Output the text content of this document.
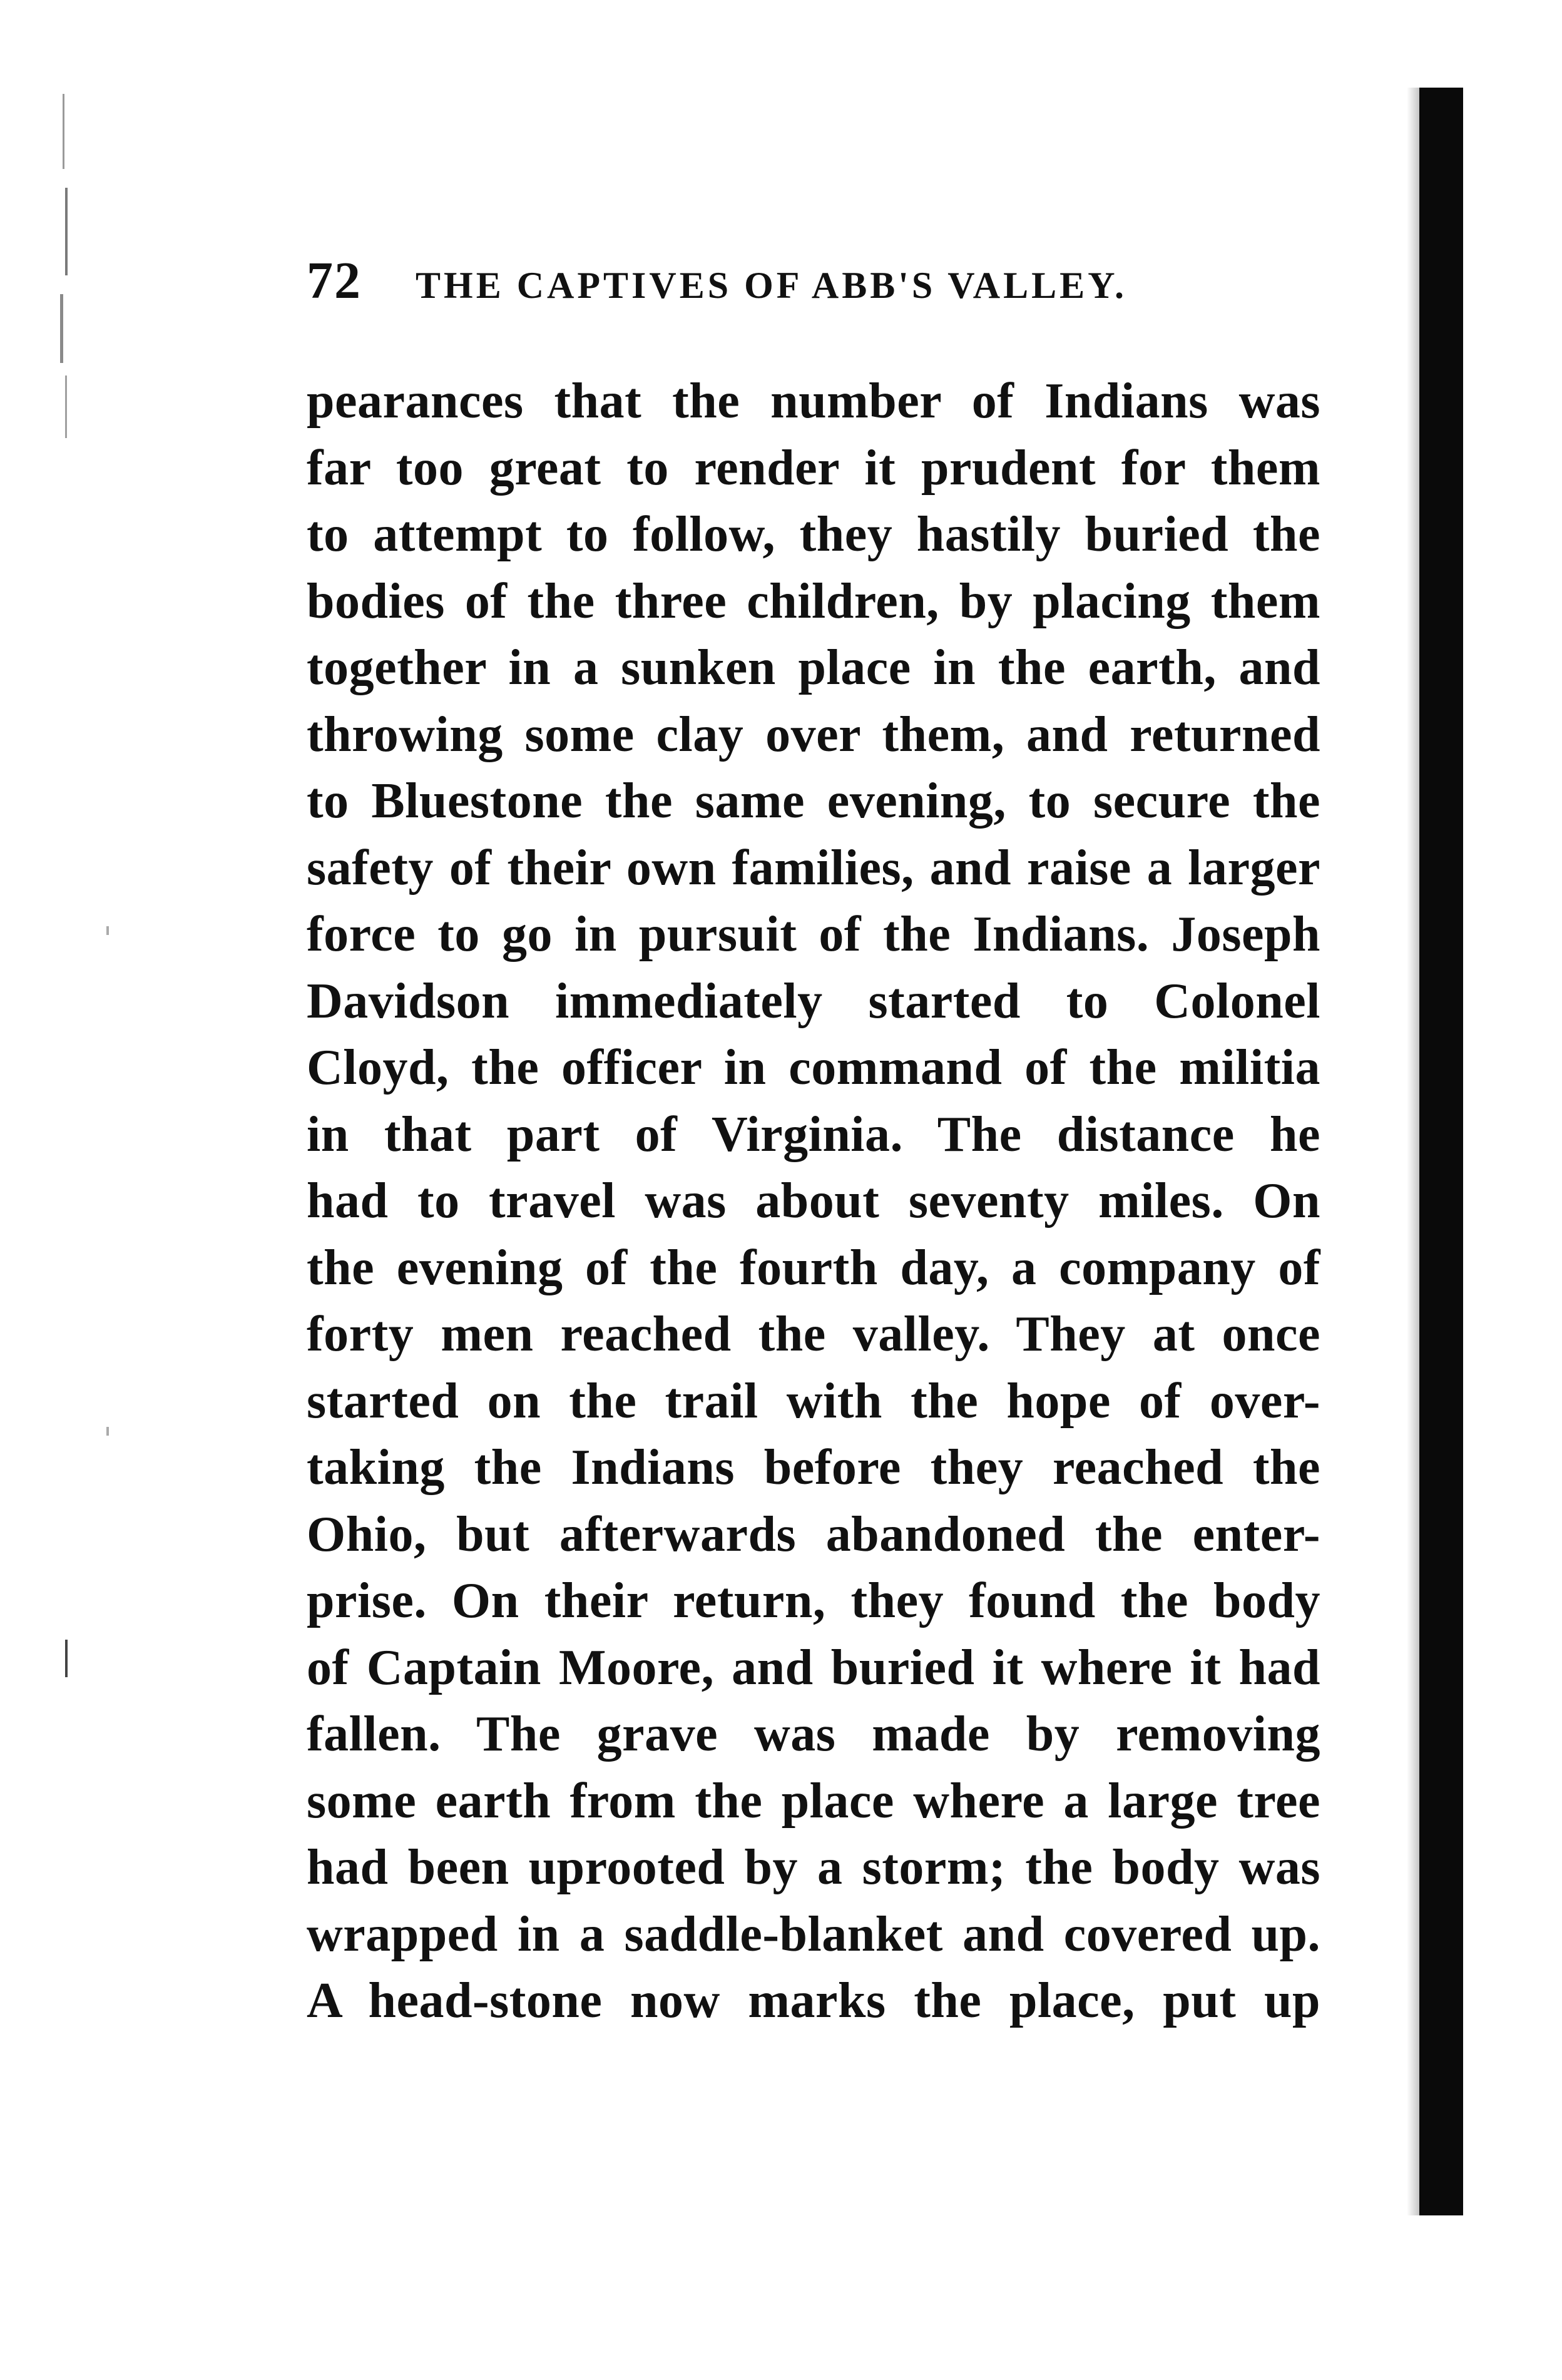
72 THE CAPTIVES OF ABB'S VALLEY.
pearances that the number of Indians was
far too great to render it prudent for them
to attempt to follow, they hastily buried the
bodies of the three children, by placing them
together in a sunken place in the earth, and
throwing some clay over them, and returned
to Bluestone the same evening, to secure the
safety of their own families, and raise a larger
force to go in pursuit of the Indians. Joseph
Davidson immediately started to Colonel
Cloyd, the officer in command of the militia
in that part of Virginia. The distance he
had to travel was about seventy miles. On
the evening of the fourth day, a company of
forty men reached the valley. They at once
started on the trail with the hope of over-
taking the Indians before they reached the
Ohio, but afterwards abandoned the enter-
prise. On their return, they found the body
of Captain Moore, and buried it where it had
fallen. The grave was made by removing
some earth from the place where a large tree
had been uprooted by a storm; the body was
wrapped in a saddle-blanket and covered up.
A head-stone now marks the place, put up
